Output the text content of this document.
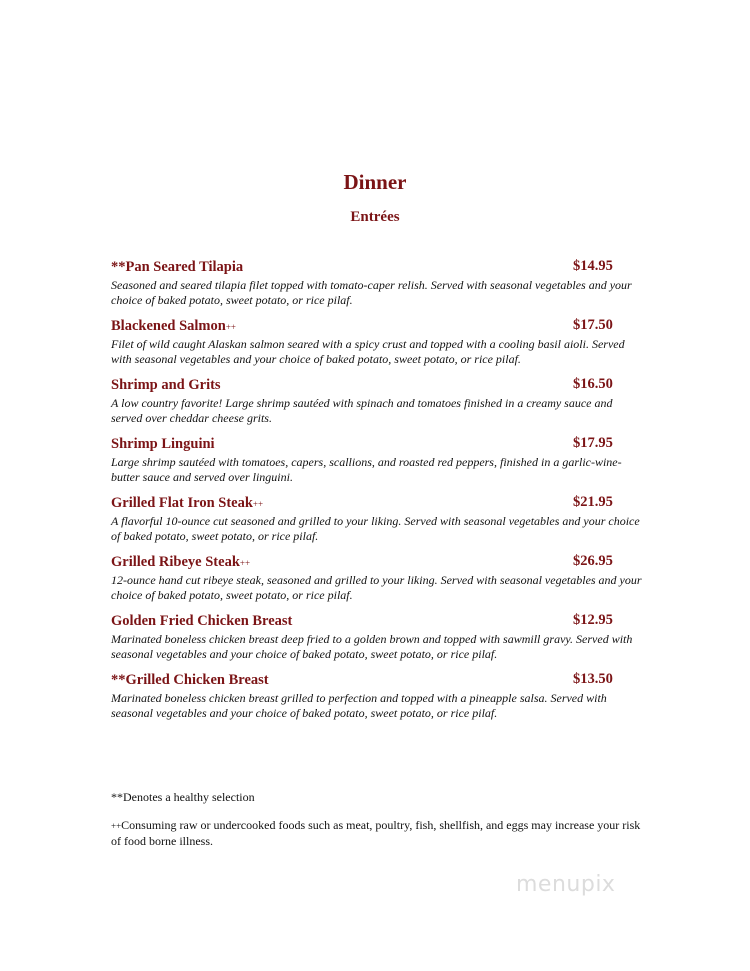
Dinner
Entrées
**Pan Seared Tilapia	$14.95
Seasoned and seared tilapia filet topped with tomato-caper relish. Served with seasonal vegetables and your choice of baked potato, sweet potato, or rice pilaf.
Blackened Salmon++	$17.50
Filet of wild caught Alaskan salmon seared with a spicy crust and topped with a cooling basil aioli. Served with seasonal vegetables and your choice of baked potato, sweet potato, or rice pilaf.
Shrimp and Grits	$16.50
A low country favorite! Large shrimp sautéed with spinach and tomatoes finished in a creamy sauce and served over cheddar cheese grits.
Shrimp Linguini	$17.95
Large shrimp sautéed with tomatoes, capers, scallions, and roasted red peppers, finished in a garlic-wine-butter sauce and served over linguini.
Grilled Flat Iron Steak++	$21.95
A flavorful 10-ounce cut seasoned and grilled to your liking. Served with seasonal vegetables and your choice of baked potato, sweet potato, or rice pilaf.
Grilled Ribeye Steak++	$26.95
12-ounce hand cut ribeye steak, seasoned and grilled to your liking. Served with seasonal vegetables and your choice of baked potato, sweet potato, or rice pilaf.
Golden Fried Chicken Breast	$12.95
Marinated boneless chicken breast deep fried to a golden brown and topped with sawmill gravy. Served with seasonal vegetables and your choice of baked potato, sweet potato, or rice pilaf.
**Grilled Chicken Breast	$13.50
Marinated boneless chicken breast grilled to perfection and topped with a pineapple salsa. Served with seasonal vegetables and your choice of baked potato, sweet potato, or rice pilaf.
**Denotes a healthy selection
++Consuming raw or undercooked foods such as meat, poultry, fish, shellfish, and eggs may increase your risk of food borne illness.
menupix
